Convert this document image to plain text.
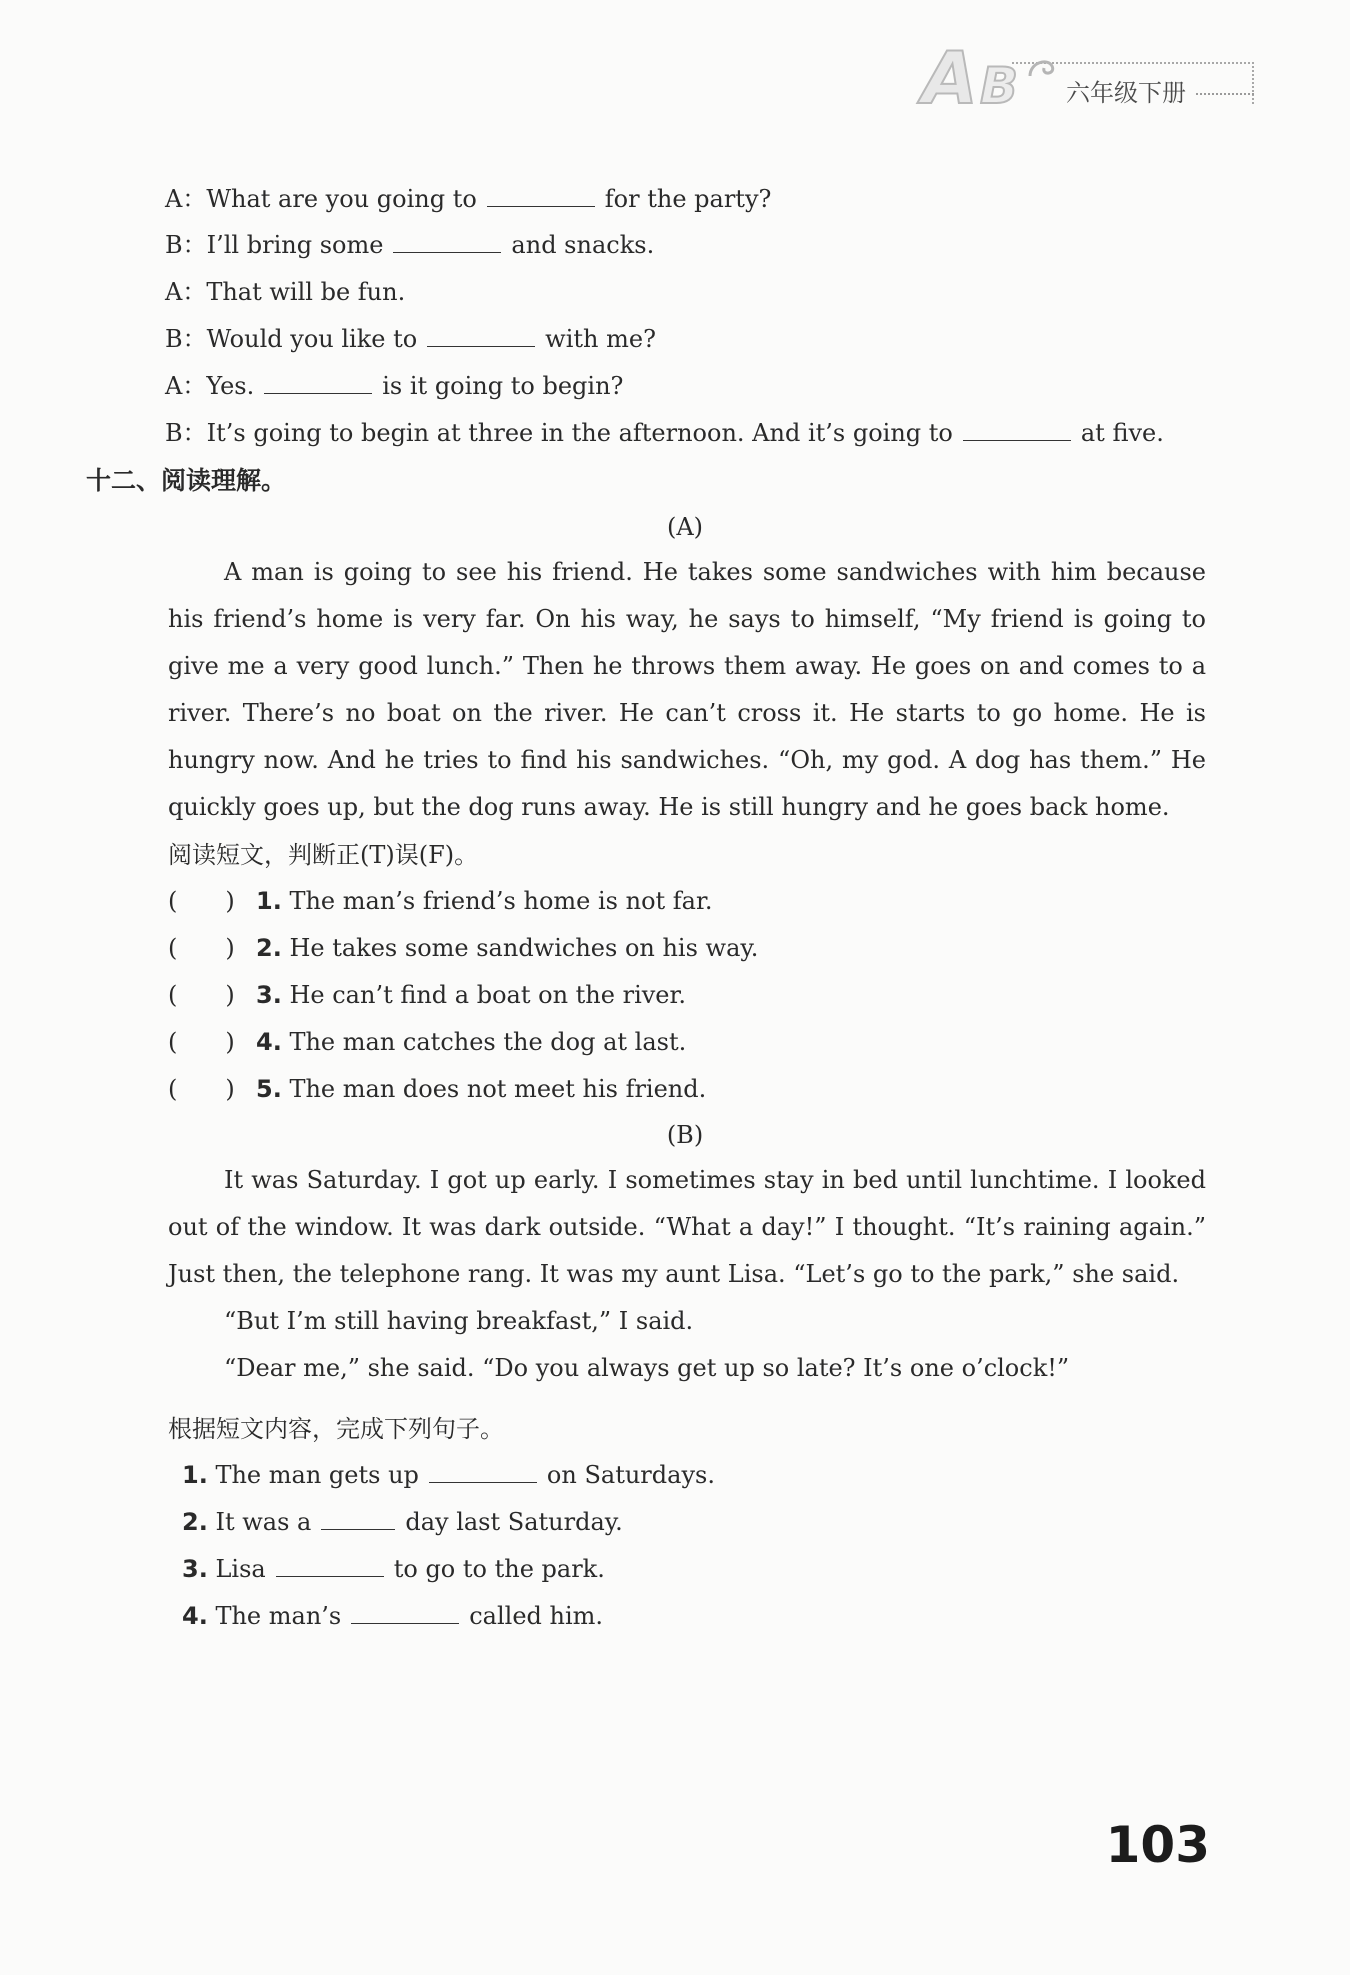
A B 六年级下册
A：What are you going to	for the party?
B：I’ll bring some	and snacks.
A：That will be fun.
B：Would you like to	with me?
A：Yes.	is it going to begin?
B：It’s going to begin at three in the afternoon. And it’s going to	at five.
十二、阅读理解。
(A)
A man is going to see his friend. He takes some sandwiches with him because his friend’s home is very far. On his way, he says to himself, “My friend is going to give me a very good lunch.” Then he throws them away. He goes on and comes to a river. There’s no boat on the river. He can’t cross it. He starts to go home. He is hungry now. And he tries to find his sandwiches. “Oh, my god. A dog has them.” He quickly goes up, but the dog runs away. He is still hungry and he goes back home.
阅读短文，判断正(T)误(F)。
(　　) 1. The man’s friend’s home is not far.
(　　) 2. He takes some sandwiches on his way.
(　　) 3. He can’t find a boat on the river.
(　　) 4. The man catches the dog at last.
(　　) 5. The man does not meet his friend.
(B)
It was Saturday. I got up early. I sometimes stay in bed until lunchtime. I looked out of the window. It was dark outside. “What a day!” I thought. “It’s raining again.” Just then, the telephone rang. It was my aunt Lisa. “Let’s go to the park,” she said.
“But I’m still having breakfast,” I said.
“Dear me,” she said. “Do you always get up so late? It’s one o’clock!”
根据短文内容，完成下列句子。
1. The man gets up	on Saturdays.
2. It was a	day last Saturday.
3. Lisa	to go to the park.
4. The man’s	called him.
103
